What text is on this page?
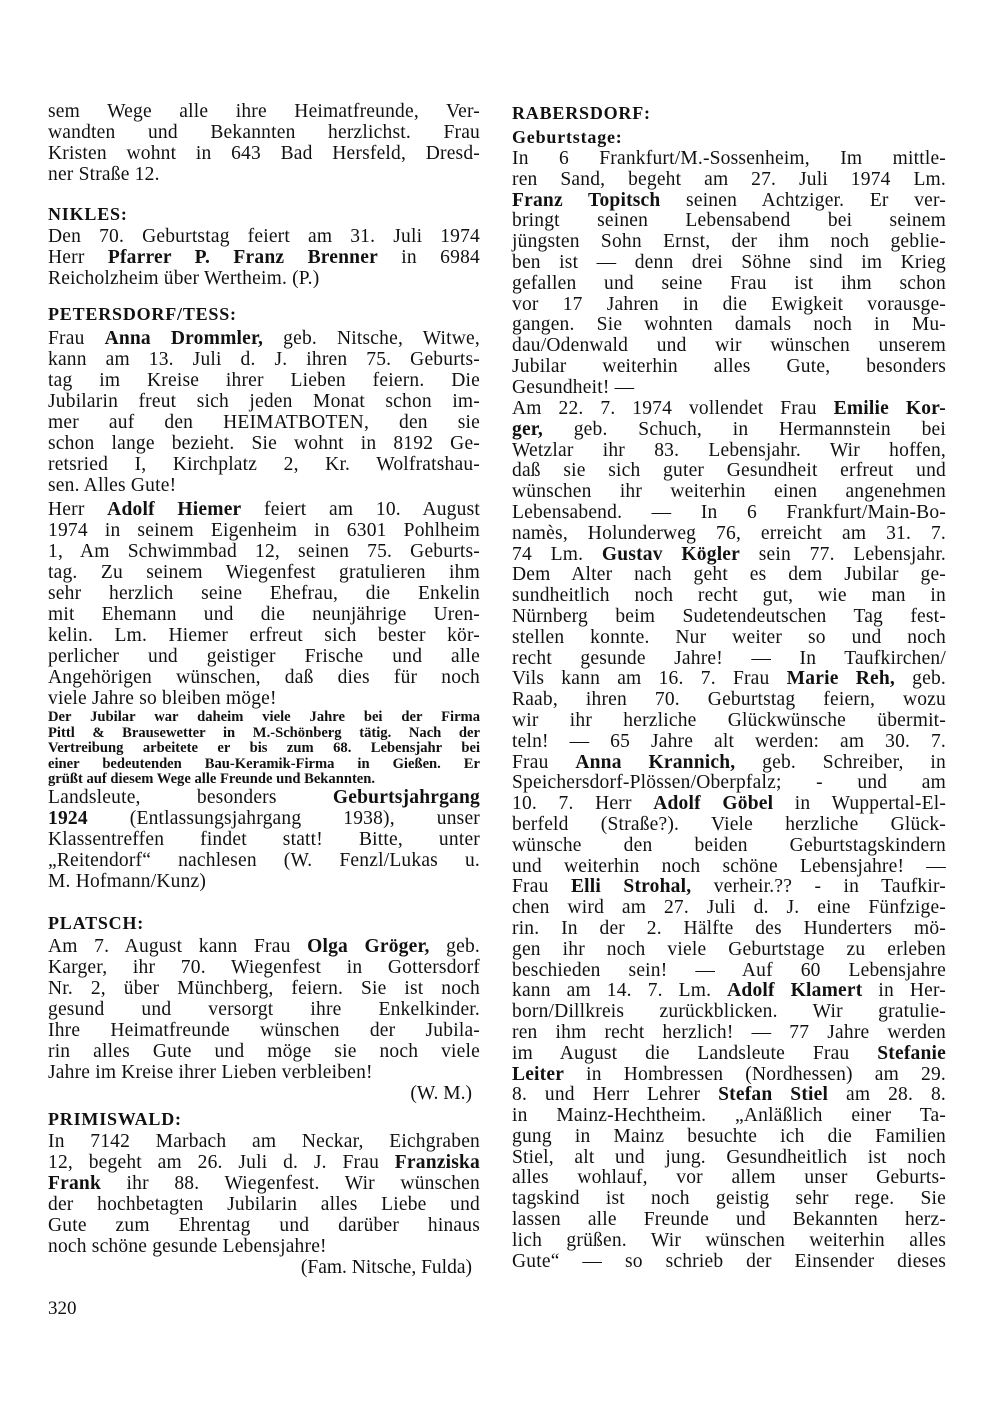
sem Wege alle ihre Heimatfreunde, Ver-
wandten und Bekannten herzlichst. Frau
Kristen wohnt in 643 Bad Hersfeld, Dresd-
ner Straße 12.
NIKLES:
Den 70. Geburtstag feiert am 31. Juli 1974
Herr Pfarrer P. Franz Brenner in 6984
Reicholzheim über Wertheim. (P.)
PETERSDORF/TESS:
Frau Anna Drommler, geb. Nitsche, Witwe,
kann am 13. Juli d. J. ihren 75. Geburts-
tag im Kreise ihrer Lieben feiern. Die
Jubilarin freut sich jeden Monat schon im-
mer auf den HEIMATBOTEN, den sie
schon lange bezieht. Sie wohnt in 8192 Ge-
retsried I, Kirchplatz 2, Kr. Wolfratshau-
sen. Alles Gute!
Herr Adolf Hiemer feiert am 10. August
1974 in seinem Eigenheim in 6301 Pohlheim
1, Am Schwimmbad 12, seinen 75. Geburts-
tag. Zu seinem Wiegenfest gratulieren ihm
sehr herzlich seine Ehefrau, die Enkelin
mit Ehemann und die neunjährige Uren-
kelin. Lm. Hiemer erfreut sich bester kör-
perlicher und geistiger Frische und alle
Angehörigen wünschen, daß dies für noch
viele Jahre so bleiben möge!
Der Jubilar war daheim viele Jahre bei der Firma
Pittl & Brausewetter in M.-Schönberg tätig. Nach der
Vertreibung arbeitete er bis zum 68. Lebensjahr bei
einer bedeutenden Bau-Keramik-Firma in Gießen. Er
grüßt auf diesem Wege alle Freunde und Bekannten.
Landsleute, besonders Geburtsjahrgang
1924 (Entlassungsjahrgang 1938), unser
Klassentreffen findet statt! Bitte, unter
„Reitendorf“ nachlesen (W. Fenzl/Lukas u.
M. Hofmann/Kunz)
PLATSCH:
Am 7. August kann Frau Olga Gröger, geb.
Karger, ihr 70. Wiegenfest in Gottersdorf
Nr. 2, über Münchberg, feiern. Sie ist noch
gesund und versorgt ihre Enkelkinder.
Ihre Heimatfreunde wünschen der Jubila-
rin alles Gute und möge sie noch viele
Jahre im Kreise ihrer Lieben verbleiben!
(W. M.)
PRIMISWALD:
In 7142 Marbach am Neckar, Eichgraben
12, begeht am 26. Juli d. J. Frau Franziska
Frank ihr 88. Wiegenfest. Wir wünschen
der hochbetagten Jubilarin alles Liebe und
Gute zum Ehrentag und darüber hinaus
noch schöne gesunde Lebensjahre!
(Fam. Nitsche, Fulda)
RABERSDORF:
Geburtstage:
In 6 Frankfurt/M.-Sossenheim, Im mittle-
ren Sand, begeht am 27. Juli 1974 Lm.
Franz Topitsch seinen Achtziger. Er ver-
bringt seinen Lebensabend bei seinem
jüngsten Sohn Ernst, der ihm noch geblie-
ben ist — denn drei Söhne sind im Krieg
gefallen und seine Frau ist ihm schon
vor 17 Jahren in die Ewigkeit vorausge-
gangen. Sie wohnten damals noch in Mu-
dau/Odenwald und wir wünschen unserem
Jubilar weiterhin alles Gute, besonders
Gesundheit! —
Am 22. 7. 1974 vollendet Frau Emilie Kor-
ger, geb. Schuch, in Hermannstein bei
Wetzlar ihr 83. Lebensjahr. Wir hoffen,
daß sie sich guter Gesundheit erfreut und
wünschen ihr weiterhin einen angenehmen
Lebensabend. — In 6 Frankfurt/Main-Bo-
namès, Holunderweg 76, erreicht am 31. 7.
74 Lm. Gustav Kögler sein 77. Lebensjahr.
Dem Alter nach geht es dem Jubilar ge-
sundheitlich noch recht gut, wie man in
Nürnberg beim Sudetendeutschen Tag fest-
stellen konnte. Nur weiter so und noch
recht gesunde Jahre! — In Taufkirchen/
Vils kann am 16. 7. Frau Marie Reh, geb.
Raab, ihren 70. Geburtstag feiern, wozu
wir ihr herzliche Glückwünsche übermit-
teln! — 65 Jahre alt werden: am 30. 7.
Frau Anna Krannich, geb. Schreiber, in
Speichersdorf-Plössen/Oberpfalz; - und am
10. 7. Herr Adolf Göbel in Wuppertal-El-
berfeld (Straße?). Viele herzliche Glück-
wünsche den beiden Geburtstagskindern
und weiterhin noch schöne Lebensjahre! —
Frau Elli Strohal, verheir.?? - in Taufkir-
chen wird am 27. Juli d. J. eine Fünfzige-
rin. In der 2. Hälfte des Hunderters mö-
gen ihr noch viele Geburtstage zu erleben
beschieden sein! — Auf 60 Lebensjahre
kann am 14. 7. Lm. Adolf Klamert in Her-
born/Dillkreis zurückblicken. Wir gratulie-
ren ihm recht herzlich! — 77 Jahre werden
im August die Landsleute Frau Stefanie
Leiter in Hombressen (Nordhessen) am 29.
8. und Herr Lehrer Stefan Stiel am 28. 8.
in Mainz-Hechtheim. „Anläßlich einer Ta-
gung in Mainz besuchte ich die Familien
Stiel, alt und jung. Gesundheitlich ist noch
alles wohlauf, vor allem unser Geburts-
tagskind ist noch geistig sehr rege. Sie
lassen alle Freunde und Bekannten herz-
lich grüßen. Wir wünschen weiterhin alles
Gute“ — so schrieb der Einsender dieses
320
